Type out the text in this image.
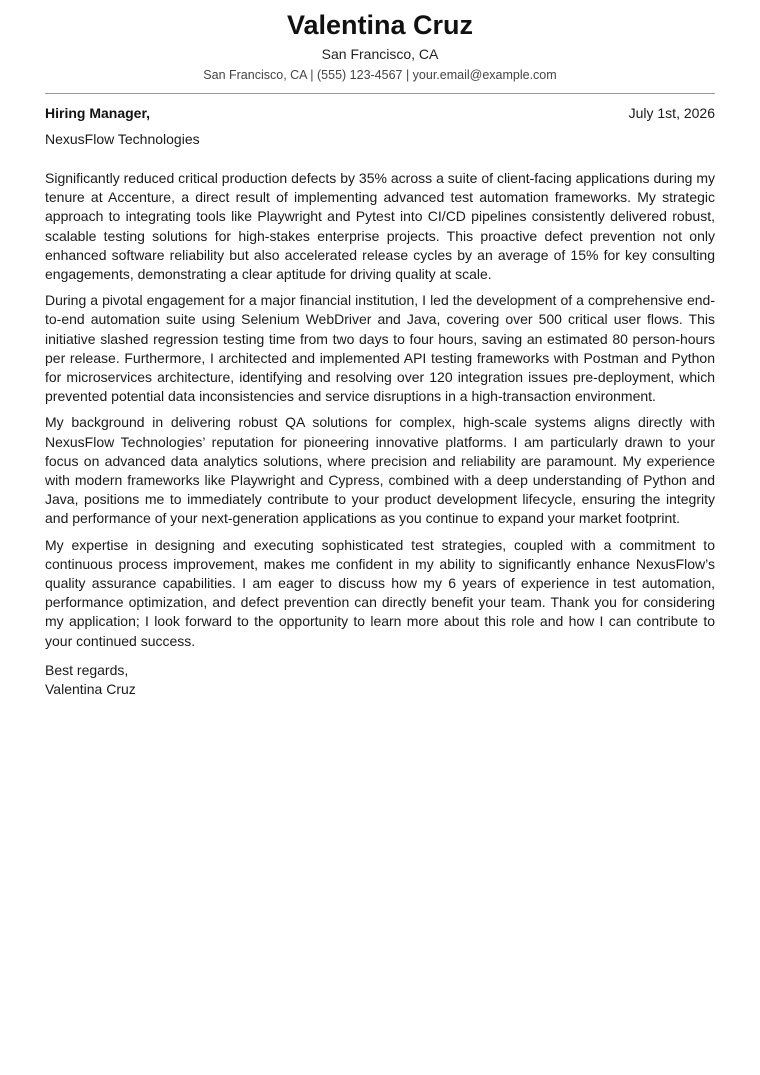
Valentina Cruz
San Francisco, CA
San Francisco, CA | (555) 123-4567 | your.email@example.com
Hiring Manager,	July 1st, 2026
NexusFlow Technologies

Significantly reduced critical production defects by 35% across a suite of client-facing applications during my tenure at Accenture, a direct result of implementing advanced test automation frameworks. My strategic approach to integrating tools like Playwright and Pytest into CI/CD pipelines consistently delivered robust, scalable testing solutions for high-stakes enterprise projects. This proactive defect prevention not only enhanced software reliability but also accelerated release cycles by an average of 15% for key consulting engagements, demonstrating a clear aptitude for driving quality at scale.

During a pivotal engagement for a major financial institution, I led the development of a comprehensive end-to-end automation suite using Selenium WebDriver and Java, covering over 500 critical user flows. This initiative slashed regression testing time from two days to four hours, saving an estimated 80 person-hours per release. Furthermore, I architected and implemented API testing frameworks with Postman and Python for microservices architecture, identifying and resolving over 120 integration issues pre-deployment, which prevented potential data inconsistencies and service disruptions in a high-transaction environment.

My background in delivering robust QA solutions for complex, high-scale systems aligns directly with NexusFlow Technologies’ reputation for pioneering innovative platforms. I am particularly drawn to your focus on advanced data analytics solutions, where precision and reliability are paramount. My experience with modern frameworks like Playwright and Cypress, combined with a deep understanding of Python and Java, positions me to immediately contribute to your product development lifecycle, ensuring the integrity and performance of your next-generation applications as you continue to expand your market footprint.

My expertise in designing and executing sophisticated test strategies, coupled with a commitment to continuous process improvement, makes me confident in my ability to significantly enhance NexusFlow’s quality assurance capabilities. I am eager to discuss how my 6 years of experience in test automation, performance optimization, and defect prevention can directly benefit your team. Thank you for considering my application; I look forward to the opportunity to learn more about this role and how I can contribute to your continued success.

Best regards,
Valentina Cruz
